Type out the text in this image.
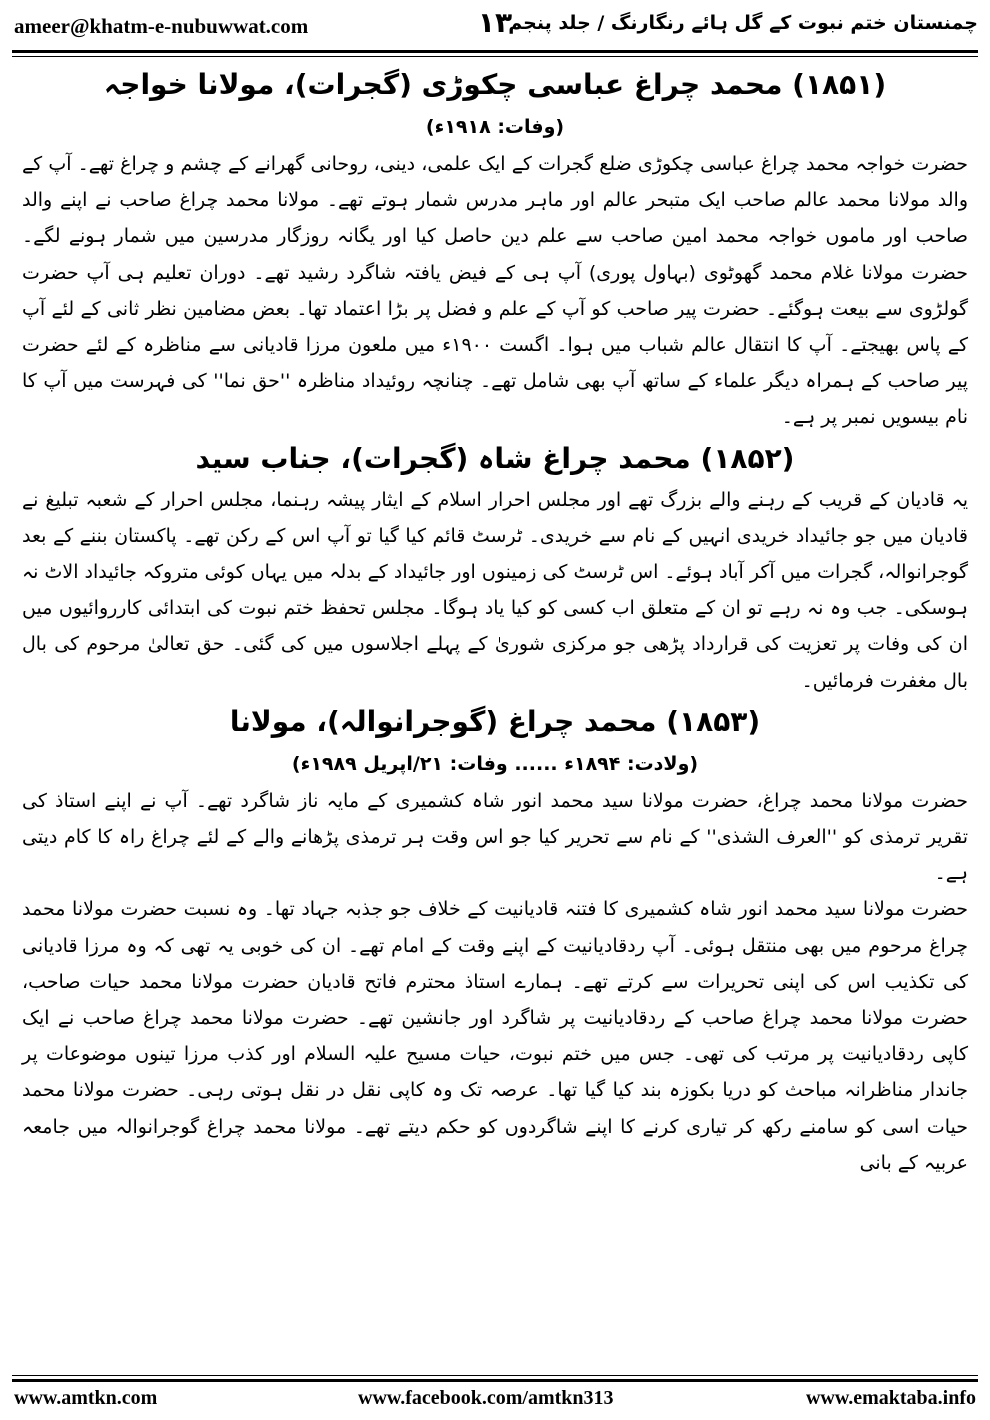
ameer@khatm-e-nubuwwat.com	۱۳
چمنستان ختم نبوت کے گل ہائے رنگارنگ / جلد پنجم
(۱۸۵۱) محمد چراغ عباسی چکوڑی (گجرات)، مولانا خواجہ

(وفات: ۱۹۱۸ء)

حضرت خواجہ محمد چراغ عباسی چکوڑی ضلع گجرات کے ایک علمی، دینی، روحانی گھرانے کے چشم و چراغ تھے۔ آپ کے والد مولانا محمد عالم صاحب ایک متبحر عالم اور ماہر مدرس شمار ہوتے تھے۔ مولانا محمد چراغ صاحب نے اپنے والد صاحب اور ماموں خواجہ محمد امین صاحب سے علم دین حاصل کیا اور یگانہ روزگار مدرسین میں شمار ہونے لگے۔ حضرت مولانا غلام محمد گھوٹوی (بہاول پوری) آپ ہی کے فیض یافتہ شاگرد رشید تھے۔ دوران تعلیم ہی آپ حضرت گولڑوی سے بیعت ہوگئے۔ حضرت پیر صاحب کو آپ کے علم و فضل پر بڑا اعتماد تھا۔ بعض مضامین نظر ثانی کے لئے آپ کے پاس بھیجتے۔ آپ کا انتقال عالم شباب میں ہوا۔ اگست ۱۹۰۰ء میں ملعون مرزا قادیانی سے مناظرہ کے لئے حضرت پیر صاحب کے ہمراہ دیگر علماء کے ساتھ آپ بھی شامل تھے۔ چنانچہ روئیداد مناظرہ ''حق نما'' کی فہرست میں آپ کا نام بیسویں نمبر پر ہے۔

(۱۸۵۲) محمد چراغ شاہ (گجرات)، جناب سید

یہ قادیان کے قریب کے رہنے والے بزرگ تھے اور مجلس احرار اسلام کے ایثار پیشہ رہنما، مجلس احرار کے شعبہ تبلیغ نے قادیان میں جو جائیداد خریدی انہیں کے نام سے خریدی۔ ٹرسٹ قائم کیا گیا تو آپ اس کے رکن تھے۔ پاکستان بننے کے بعد گوجرانوالہ، گجرات میں آکر آباد ہوئے۔ اس ٹرسٹ کی زمینوں اور جائیداد کے بدلہ میں یہاں کوئی متروکہ جائیداد الاٹ نہ ہوسکی۔ جب وہ نہ رہے تو ان کے متعلق اب کسی کو کیا یاد ہوگا۔ مجلس تحفظ ختم نبوت کی ابتدائی کارروائیوں میں ان کی وفات پر تعزیت کی قرارداد پڑھی جو مرکزی شوریٰ کے پہلے اجلاسوں میں کی گئی۔ حق تعالیٰ مرحوم کی بال بال مغفرت فرمائیں۔

(۱۸۵۳) محمد چراغ (گوجرانوالہ)، مولانا

(ولادت: ۱۸۹۴ء ...... وفات: ۲۱/اپریل ۱۹۸۹ء)

حضرت مولانا محمد چراغ، حضرت مولانا سید محمد انور شاہ کشمیری کے مایہ ناز شاگرد تھے۔ آپ نے اپنے استاذ کی تقریر ترمذی کو ''العرف الشذی'' کے نام سے تحریر کیا جو اس وقت ہر ترمذی پڑھانے والے کے لئے چراغ راہ کا کام دیتی ہے۔

حضرت مولانا سید محمد انور شاہ کشمیری کا فتنہ قادیانیت کے خلاف جو جذبہ جہاد تھا۔ وہ نسبت حضرت مولانا محمد چراغ مرحوم میں بھی منتقل ہوئی۔ آپ ردقادیانیت کے اپنے وقت کے امام تھے۔ ان کی خوبی یہ تھی کہ وہ مرزا قادیانی کی تکذیب اس کی اپنی تحریرات سے کرتے تھے۔ ہمارے استاذ محترم فاتح قادیان حضرت مولانا محمد حیات صاحب، حضرت مولانا محمد چراغ صاحب کے ردقادیانیت پر شاگرد اور جانشین تھے۔ حضرت مولانا محمد چراغ صاحب نے ایک کاپی ردقادیانیت پر مرتب کی تھی۔ جس میں ختم نبوت، حیات مسیح علیہ السلام اور کذب مرزا تینوں موضوعات پر جاندار مناظرانہ مباحث کو دریا بکوزہ بند کیا گیا تھا۔ عرصہ تک وہ کاپی نقل در نقل ہوتی رہی۔ حضرت مولانا محمد حیات اسی کو سامنے رکھ کر تیاری کرنے کا اپنے شاگردوں کو حکم دیتے تھے۔ مولانا محمد چراغ گوجرانوالہ میں جامعہ عربیہ کے بانی

www.amtkn.com	www.facebook.com/amtkn313	www.emaktaba.info
